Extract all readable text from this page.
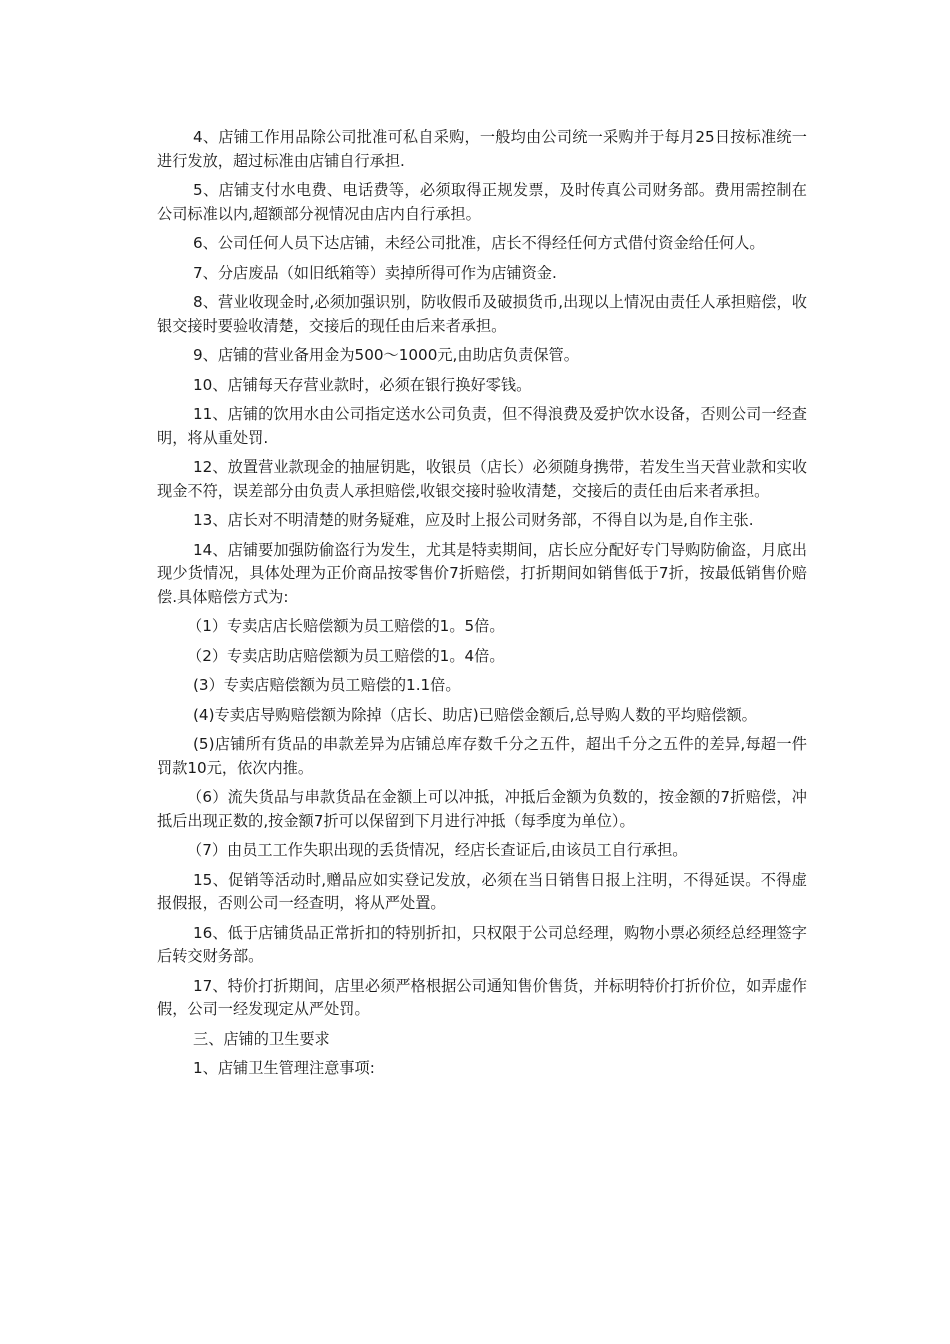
4、店铺工作用品除公司批准可私自采购，一般均由公司统一采购并于每月25日按标准统一进行发放，超过标准由店铺自行承担.

5、店铺支付水电费、电话费等，必须取得正规发票，及时传真公司财务部。费用需控制在公司标准以内,超额部分视情况由店内自行承担。

6、公司任何人员下达店铺，未经公司批准，店长不得经任何方式借付资金给任何人。

7、分店废品（如旧纸箱等）卖掉所得可作为店铺资金.

8、营业收现金时,必须加强识别，防收假币及破损货币,出现以上情况由责任人承担赔偿，收银交接时要验收清楚，交接后的现任由后来者承担。

9、店铺的营业备用金为500～1000元,由助店负责保管。

10、店铺每天存营业款时，必须在银行换好零钱。

11、店铺的饮用水由公司指定送水公司负责，但不得浪费及爱护饮水设备，否则公司一经查明，将从重处罚.

12、放置营业款现金的抽屉钥匙，收银员（店长）必须随身携带，若发生当天营业款和实收现金不符，误差部分由负责人承担赔偿,收银交接时验收清楚，交接后的责任由后来者承担。

13、店长对不明清楚的财务疑难，应及时上报公司财务部，不得自以为是,自作主张.

14、店铺要加强防偷盗行为发生，尤其是特卖期间，店长应分配好专门导购防偷盗，月底出现少货情况，具体处理为正价商品按零售价7折赔偿，打折期间如销售低于7折，按最低销售价赔偿.具体赔偿方式为:

（1）专卖店店长赔偿额为员工赔偿的1。5倍。

（2）专卖店助店赔偿额为员工赔偿的1。4倍。

(3）专卖店赔偿额为员工赔偿的1.1倍。

(4)专卖店导购赔偿额为除掉（店长、助店)已赔偿金额后,总导购人数的平均赔偿额。

(5)店铺所有货品的串款差异为店铺总库存数千分之五件，超出千分之五件的差异,每超一件罚款10元，依次内推。

（6）流失货品与串款货品在金额上可以冲抵，冲抵后金额为负数的，按金额的7折赔偿，冲抵后出现正数的,按金额7折可以保留到下月进行冲抵（每季度为单位）。

（7）由员工工作失职出现的丢货情况，经店长查证后,由该员工自行承担。

15、促销等活动时,赠品应如实登记发放，必须在当日销售日报上注明，不得延误。不得虚报假报，否则公司一经查明，将从严处置。

16、低于店铺货品正常折扣的特别折扣，只权限于公司总经理，购物小票必须经总经理签字后转交财务部。

17、特价打折期间，店里必须严格根据公司通知售价售货，并标明特价打折价位，如弄虚作假，公司一经发现定从严处罚。

三、店铺的卫生要求

1、店铺卫生管理注意事项:
